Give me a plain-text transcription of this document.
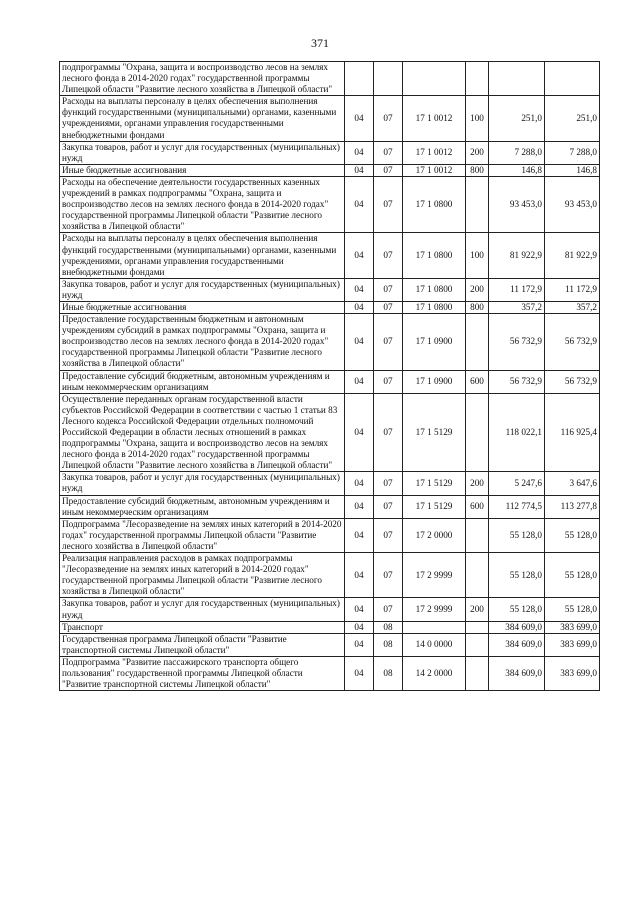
371
подпрограммы "Охрана, защита и воспроизводство лесов на землях лесного фонда в 2014-2020 годах" государственной программы Липецкой области "Развитие лесного хозяйства в Липецкой области"						
Расходы на выплаты персоналу в целях обеспечения выполнения функций государственными (муниципальными) органами, казенными учреждениями, органами управления государственными внебюджетными фондами	04	07	17 1 0012	100	251,0	251,0
Закупка товаров, работ и услуг для государственных (муниципальных) нужд	04	07	17 1 0012	200	7 288,0	7 288,0
Иные бюджетные ассигнования	04	07	17 1 0012	800	146,8	146,8
Расходы на обеспечение деятельности государственных казенных учреждений в рамках подпрограммы "Охрана, защита и воспроизводство лесов на землях лесного фонда в 2014-2020 годах" государственной программы Липецкой области "Развитие лесного хозяйства в Липецкой области"	04	07	17 1 0800		93 453,0	93 453,0
Расходы на выплаты персоналу в целях обеспечения выполнения функций государственными (муниципальными) органами, казенными учреждениями, органами управления государственными внебюджетными фондами	04	07	17 1 0800	100	81 922,9	81 922,9
Закупка товаров, работ и услуг для государственных (муниципальных) нужд	04	07	17 1 0800	200	11 172,9	11 172,9
Иные бюджетные ассигнования	04	07	17 1 0800	800	357,2	357,2
Предоставление государственным бюджетным и автономным учреждениям субсидий в рамках подпрограммы "Охрана, защита и воспроизводство лесов на землях лесного фонда в 2014-2020 годах" государственной программы Липецкой области "Развитие лесного хозяйства в Липецкой области"	04	07	17 1 0900		56 732,9	56 732,9
Предоставление субсидий бюджетным, автономным учреждениям и иным некоммерческим организациям	04	07	17 1 0900	600	56 732,9	56 732,9
Осуществление переданных органам государственной власти субъектов Российской Федерации в соответствии с частью 1 статьи 83 Лесного кодекса Российской Федерации отдельных полномочий Российской Федерации в области лесных отношений в рамках подпрограммы "Охрана, защита и воспроизводство лесов на землях лесного фонда в 2014-2020 годах" государственной программы Липецкой области "Развитие лесного хозяйства в Липецкой области"	04	07	17 1 5129		118 022,1	116 925,4
Закупка товаров, работ и услуг для государственных (муниципальных) нужд	04	07	17 1 5129	200	5 247,6	3 647,6
Предоставление субсидий бюджетным, автономным учреждениям и иным некоммерческим организациям	04	07	17 1 5129	600	112 774,5	113 277,8
Подпрограмма "Лесоразведение на землях иных категорий в 2014-2020 годах" государственной программы Липецкой области "Развитие лесного хозяйства в Липецкой области"	04	07	17 2 0000		55 128,0	55 128,0
Реализация направления расходов в рамках подпрограммы "Лесоразведение на землях иных категорий в 2014-2020 годах" государственной программы Липецкой области "Развитие лесного хозяйства в Липецкой области"	04	07	17 2 9999		55 128,0	55 128,0
Закупка товаров, работ и услуг для государственных (муниципальных) нужд	04	07	17 2 9999	200	55 128,0	55 128,0
Транспорт	04	08			384 609,0	383 699,0
Государственная программа Липецкой области "Развитие транспортной системы Липецкой области"	04	08	14 0 0000		384 609,0	383 699,0
Подпрограмма "Развитие пассажирского транспорта общего пользования" государственной программы Липецкой области "Развитие транспортной системы Липецкой области"	04	08	14 2 0000		384 609,0	383 699,0
